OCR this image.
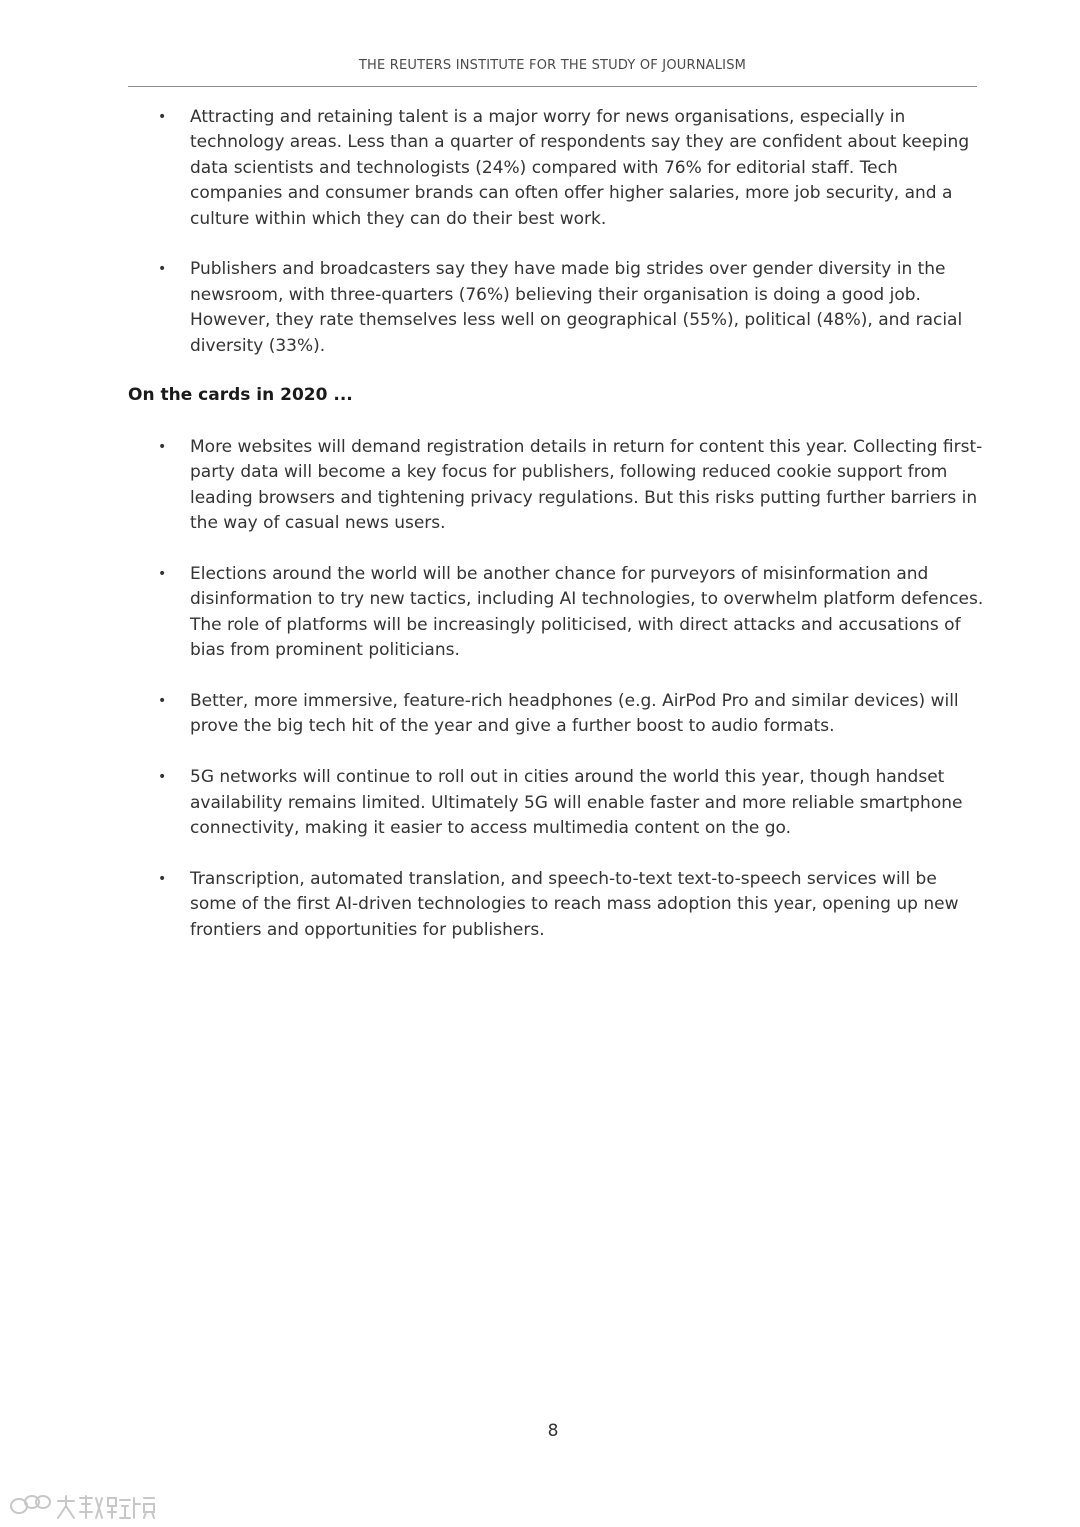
THE REUTERS INSTITUTE FOR THE STUDY OF JOURNALISM
• Attracting and retaining talent is a major worry for news organisations, especially in technology areas. Less than a quarter of respondents say they are confident about keeping data scientists and technologists (24%) compared with 76% for editorial staff. Tech companies and consumer brands can often offer higher salaries, more job security, and a culture within which they can do their best work.
• Publishers and broadcasters say they have made big strides over gender diversity in the newsroom, with three-quarters (76%) believing their organisation is doing a good job. However, they rate themselves less well on geographical (55%), political (48%), and racial diversity (33%).
On the cards in 2020 ...
• More websites will demand registration details in return for content this year. Collecting first-party data will become a key focus for publishers, following reduced cookie support from leading browsers and tightening privacy regulations. But this risks putting further barriers in the way of casual news users.
• Elections around the world will be another chance for purveyors of misinformation and disinformation to try new tactics, including AI technologies, to overwhelm platform defences. The role of platforms will be increasingly politicised, with direct attacks and accusations of bias from prominent politicians.
• Better, more immersive, feature-rich headphones (e.g. AirPod Pro and similar devices) will prove the big tech hit of the year and give a further boost to audio formats.
• 5G networks will continue to roll out in cities around the world this year, though handset availability remains limited. Ultimately 5G will enable faster and more reliable smartphone connectivity, making it easier to access multimedia content on the go.
• Transcription, automated translation, and speech-to-text text-to-speech services will be some of the first AI-driven technologies to reach mass adoption this year, opening up new frontiers and opportunities for publishers.
8
